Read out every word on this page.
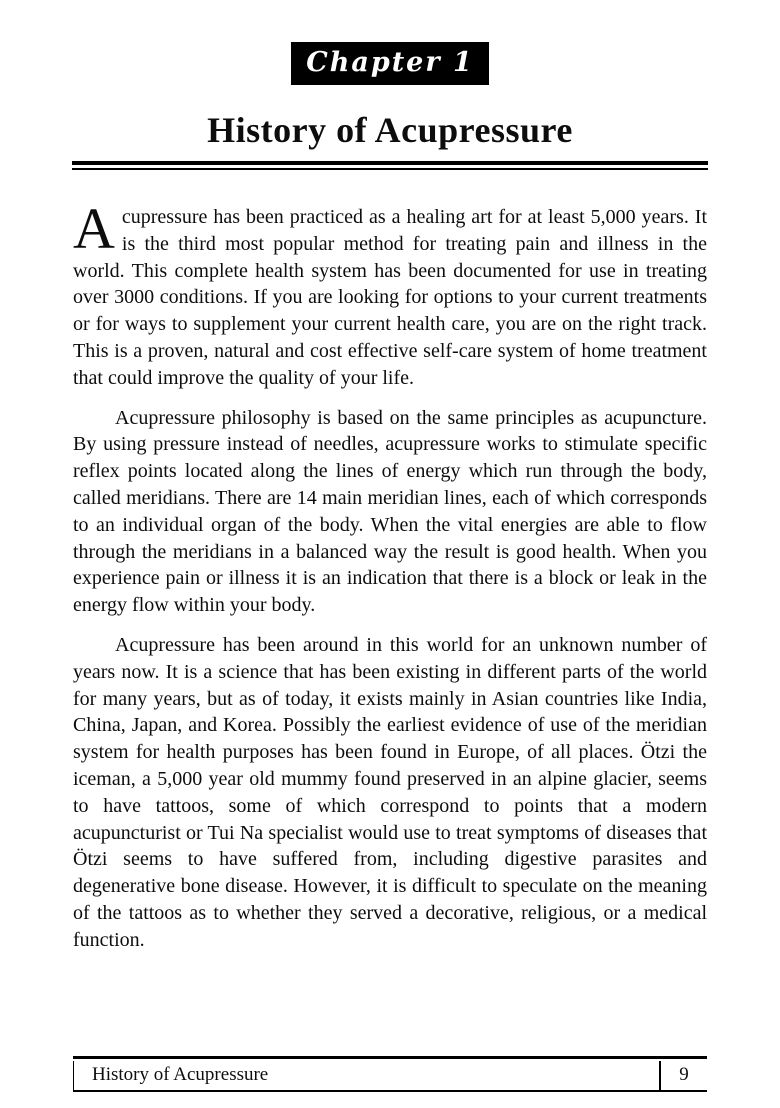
Chapter 1
History of Acupressure

Acupressure has been practiced as a healing art for at least 5,000 years. It is the third most popular method for treating pain and illness in the world. This complete health system has been documented for use in treating over 3000 conditions. If you are looking for options to your current treatments or for ways to supplement your current health care, you are on the right track. This is a proven, natural and cost effective self-care system of home treatment that could improve the quality of your life.

Acupressure philosophy is based on the same principles as acupuncture. By using pressure instead of needles, acupressure works to stimulate specific reflex points located along the lines of energy which run through the body, called meridians. There are 14 main meridian lines, each of which corresponds to an individual organ of the body. When the vital energies are able to flow through the meridians in a balanced way the result is good health. When you experience pain or illness it is an indication that there is a block or leak in the energy flow within your body.

Acupressure has been around in this world for an unknown number of years now. It is a science that has been existing in different parts of the world for many years, but as of today, it exists mainly in Asian countries like India, China, Japan, and Korea. Possibly the earliest evidence of use of the meridian system for health purposes has been found in Europe, of all places. Ötzi the iceman, a 5,000 year old mummy found preserved in an alpine glacier, seems to have tattoos, some of which correspond to points that a modern acupuncturist or Tui Na specialist would use to treat symptoms of diseases that Ötzi seems to have suffered from, including digestive parasites and degenerative bone disease. However, it is difficult to speculate on the meaning of the tattoos as to whether they served a decorative, religious, or a medical function.

History of Acupressure	9
